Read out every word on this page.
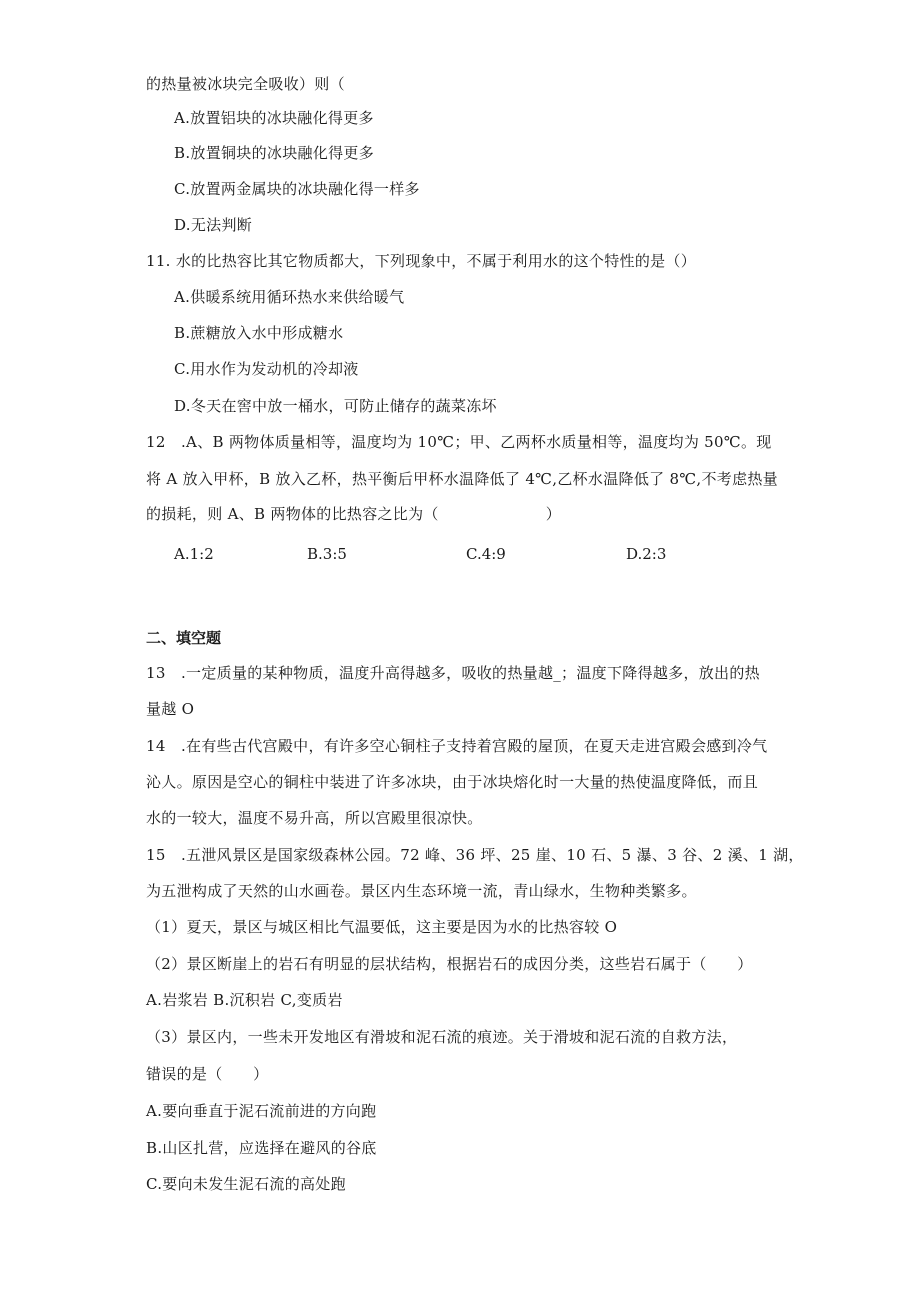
的热量被冰块完全吸收）则（
A.放置铝块的冰块融化得更多
B.放置铜块的冰块融化得更多
C.放置两金属块的冰块融化得一样多
D.无法判断
11. 水的比热容比其它物质都大，下列现象中，不属于利用水的这个特性的是（）
A.供暖系统用循环热水来供给暖气
B.蔗糖放入水中形成糖水
C.用水作为发动机的冷却液
D.冬天在窖中放一桶水，可防止储存的蔬菜冻坏
12　.A、B 两物体质量相等，温度均为 10℃；甲、乙两杯水质量相等，温度均为 50℃。现
将 A 放入甲杯，B 放入乙杯，热平衡后甲杯水温降低了 4℃,乙杯水温降低了 8℃,不考虑热量
的损耗，则 A、B 两物体的比热容之比为（　　　　　　　）
A.1:2	B.3:5	C.4:9	D.2:3
二、填空题
13　.一定质量的某种物质，温度升高得越多，吸收的热量越_；温度下降得越多，放出的热
量越 O
14　.在有些古代宫殿中，有许多空心铜柱子支持着宫殿的屋顶，在夏天走进宫殿会感到冷气
沁人。原因是空心的铜柱中装进了许多冰块，由于冰块熔化时一大量的热使温度降低，而且
水的一较大，温度不易升高，所以宫殿里很凉快。
15　.五泄风景区是国家级森林公园。72 峰、36 坪、25 崖、10 石、5 瀑、3 谷、2 溪、1 湖，
为五泄构成了天然的山水画卷。景区内生态环境一流，青山绿水，生物种类繁多。
（1）夏天，景区与城区相比气温要低，这主要是因为水的比热容较 O
（2）景区断崖上的岩石有明显的层状结构，根据岩石的成因分类，这些岩石属于（　　）
A.岩浆岩 B.沉积岩 C,变质岩
（3）景区内，一些未开发地区有滑坡和泥石流的痕迹。关于滑坡和泥石流的自救方法，
错误的是（　　）
A.要向垂直于泥石流前进的方向跑
B.山区扎营，应选择在避风的谷底
C.要向未发生泥石流的高处跑
